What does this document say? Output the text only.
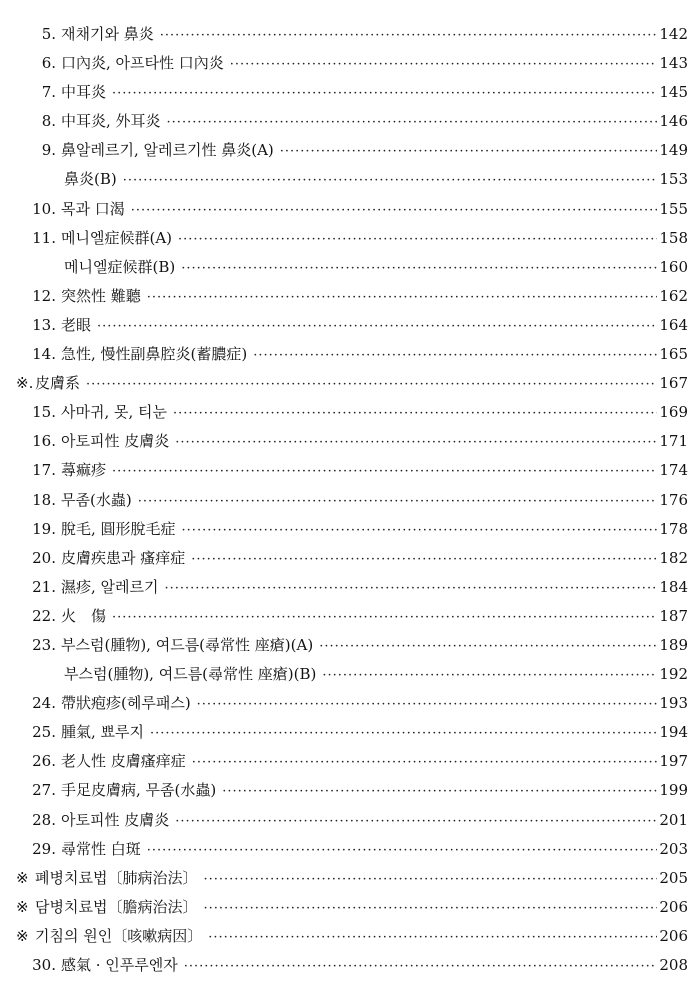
5. 재채기와 鼻炎 ·····	142
6. 口內炎, 아프타性 口內炎 ·····	143
7. 中耳炎 ·····	145
8. 中耳炎, 外耳炎 ·····	146
9. 鼻알레르기, 알레르기性 鼻炎(A) ·····	149
鼻炎(B) ·····	153
10. 목과 口渴 ·····	155
11. 메니엘症候群(A) ·····	158
메니엘症候群(B) ·····	160
12. 突然性 難聽 ·····	162
13. 老眼 ·····	164
14. 急性, 慢性副鼻腔炎(蓄膿症) ·····	165
※. 皮膚系 ·····	167
15. 사마귀, 못, 티눈 ·····	169
16. 아토피性 皮膚炎 ·····	171
17. 蕁痲疹 ·····	174
18. 무좀(水蟲) ·····	176
19. 脫毛, 圓形脫毛症 ·····	178
20. 皮膚疾患과 瘙痒症 ·····	182
21. 濕疹, 알레르기 ·····	184
22. 火　傷 ·····	187
23. 부스럼(腫物), 여드름(尋常性 座瘡)(A) ·····	189
부스럼(腫物), 여드름(尋常性 座瘡)(B) ·····	192
24. 帶狀疱疹(헤루패스) ·····	193
25. 腫氣, 뾰루지 ·····	194
26. 老人性 皮膚瘙痒症 ·····	197
27. 手足皮膚病, 무좀(水蟲) ·····	199
28. 아토피性 皮膚炎 ·····	201
29. 尋常性 白斑 ·····	203
※ 폐병치료법〔肺病治法〕 ·····	205
※ 담병치료법〔膽病治法〕 ·····	206
※ 기침의 원인〔咳嗽病因〕 ·····	206
30. 感氣 · 인푸루엔자 ·····	208
